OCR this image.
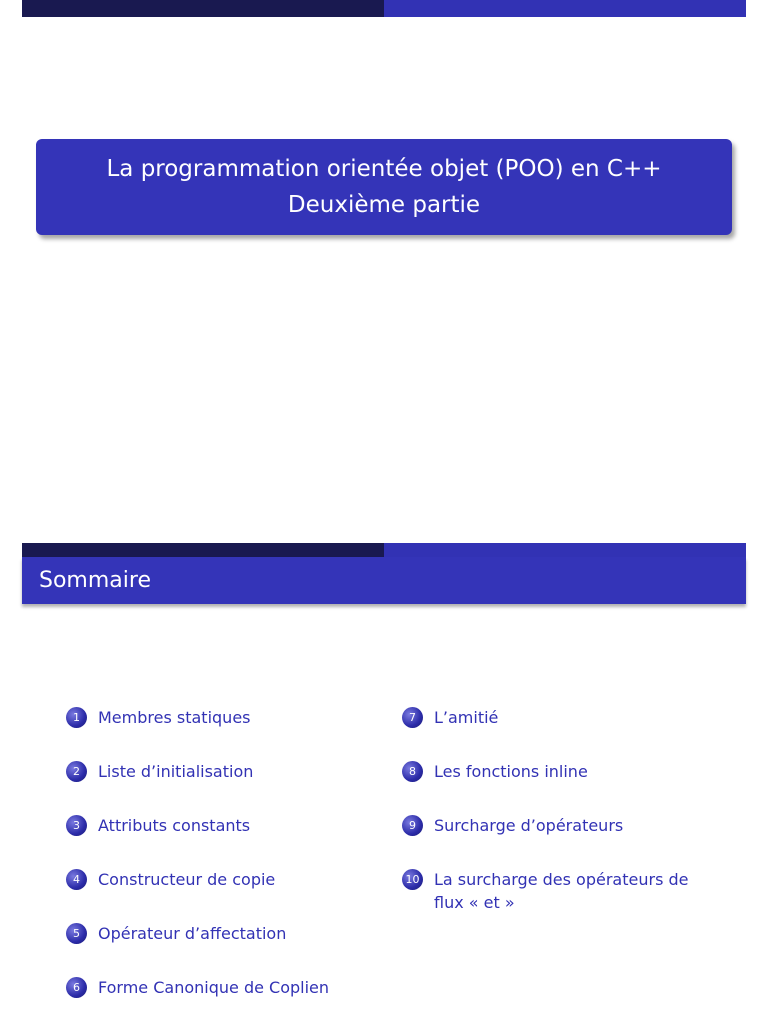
La programmation orientée objet (POO) en C++
Deuxième partie
Sommaire
1	Membres statiques
2	Liste d’initialisation
3	Attributs constants
4	Constructeur de copie
5	Opérateur d’affectation
6	Forme Canonique de Coplien
7	L’amitié
8	Les fonctions inline
9	Surcharge d’opérateurs
10 La surcharge des opérateurs de flux « et »
